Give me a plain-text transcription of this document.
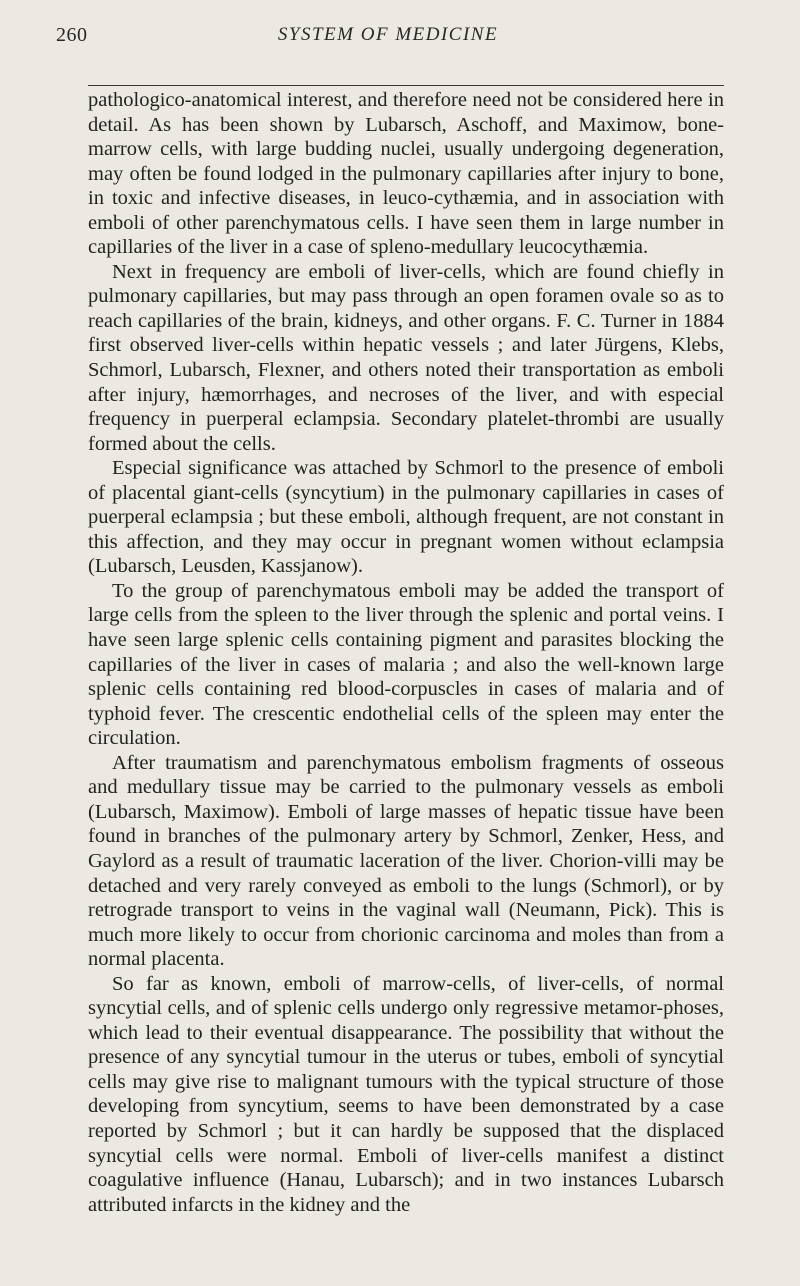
260	SYSTEM OF MEDICINE

pathologico-anatomical interest, and therefore need not be considered here in detail. As has been shown by Lubarsch, Aschoff, and Maximow, bone-marrow cells, with large budding nuclei, usually undergoing degeneration, may often be found lodged in the pulmonary capillaries after injury to bone, in toxic and infective diseases, in leuco-cythæmia, and in association with emboli of other parenchymatous cells. I have seen them in large number in capillaries of the liver in a case of spleno-medullary leucocythæmia.

Next in frequency are emboli of liver-cells, which are found chiefly in pulmonary capillaries, but may pass through an open foramen ovale so as to reach capillaries of the brain, kidneys, and other organs. F. C. Turner in 1884 first observed liver-cells within hepatic vessels ; and later Jürgens, Klebs, Schmorl, Lubarsch, Flexner, and others noted their transportation as emboli after injury, hæmorrhages, and necroses of the liver, and with especial frequency in puerperal eclampsia. Secondary platelet-thrombi are usually formed about the cells.

Especial significance was attached by Schmorl to the presence of emboli of placental giant-cells (syncytium) in the pulmonary capillaries in cases of puerperal eclampsia ; but these emboli, although frequent, are not constant in this affection, and they may occur in pregnant women without eclampsia (Lubarsch, Leusden, Kassjanow).

To the group of parenchymatous emboli may be added the transport of large cells from the spleen to the liver through the splenic and portal veins. I have seen large splenic cells containing pigment and parasites blocking the capillaries of the liver in cases of malaria ; and also the well-known large splenic cells containing red blood-corpuscles in cases of malaria and of typhoid fever. The crescentic endothelial cells of the spleen may enter the circulation.

After traumatism and parenchymatous embolism fragments of osseous and medullary tissue may be carried to the pulmonary vessels as emboli (Lubarsch, Maximow). Emboli of large masses of hepatic tissue have been found in branches of the pulmonary artery by Schmorl, Zenker, Hess, and Gaylord as a result of traumatic laceration of the liver. Chorion-villi may be detached and very rarely conveyed as emboli to the lungs (Schmorl), or by retrograde transport to veins in the vaginal wall (Neumann, Pick). This is much more likely to occur from chorionic carcinoma and moles than from a normal placenta.

So far as known, emboli of marrow-cells, of liver-cells, of normal syncytial cells, and of splenic cells undergo only regressive metamor-phoses, which lead to their eventual disappearance. The possibility that without the presence of any syncytial tumour in the uterus or tubes, emboli of syncytial cells may give rise to malignant tumours with the typical structure of those developing from syncytium, seems to have been demonstrated by a case reported by Schmorl ; but it can hardly be supposed that the displaced syncytial cells were normal. Emboli of liver-cells manifest a distinct coagulative influence (Hanau, Lubarsch); and in two instances Lubarsch attributed infarcts in the kidney and the
